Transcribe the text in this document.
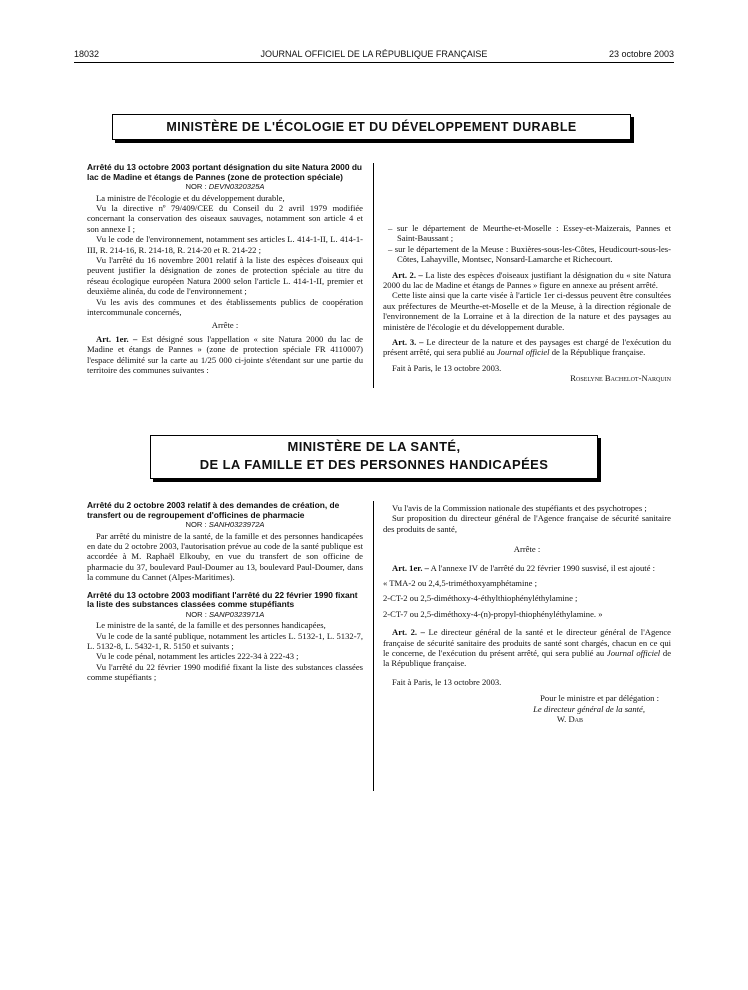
18032	JOURNAL OFFICIEL DE LA RÉPUBLIQUE FRANÇAISE	23 octobre 2003
MINISTÈRE DE L'ÉCOLOGIE ET DU DÉVELOPPEMENT DURABLE

Arrêté du 13 octobre 2003 portant désignation du site Natura 2000 du lac de Madine et étangs de Pannes (zone de protection spéciale)

NOR : DEVN0320325A

La ministre de l'écologie et du développement durable,

Vu la directive nº 79/409/CEE du Conseil du 2 avril 1979 modifiée concernant la conservation des oiseaux sauvages, notamment son article 4 et son annexe I ;

Vu le code de l'environnement, notamment ses articles L. 414-1-II, L. 414-1-III, R. 214-16, R. 214-18, R. 214-20 et R. 214-22 ;

Vu l'arrêté du 16 novembre 2001 relatif à la liste des espèces d'oiseaux qui peuvent justifier la désignation de zones de protection spéciale au titre du réseau écologique européen Natura 2000 selon l'article L. 414-1-II, premier et deuxième alinéa, du code de l'environnement ;

Vu les avis des communes et des établissements publics de coopération intercommunale concernés,

Arrête :

Art. 1er. – Est désigné sous l'appellation « site Natura 2000 du lac de Madine et étangs de Pannes » (zone de protection spéciale FR 4110007) l'espace délimité sur la carte au 1/25 000 ci-jointe s'étendant sur une partie du territoire des communes suivantes :

– sur le département de Meurthe-et-Moselle : Essey-et-Maizerais, Pannes et Saint-Baussant ;

– sur le département de la Meuse : Buxières-sous-les-Côtes, Heudicourt-sous-les-Côtes, Lahayville, Montsec, Nonsard-Lamarche et Richecourt.

Art. 2. – La liste des espèces d'oiseaux justifiant la désignation du « site Natura 2000 du lac de Madine et étangs de Pannes » figure en annexe au présent arrêté.

Cette liste ainsi que la carte visée à l'article 1er ci-dessus peuvent être consultées aux préfectures de Meurthe-et-Moselle et de la Meuse, à la direction régionale de l'environnement de la Lorraine et à la direction de la nature et des paysages au ministère de l'écologie et du développement durable.

Art. 3. – Le directeur de la nature et des paysages est chargé de l'exécution du présent arrêté, qui sera publié au Journal officiel de la République française.

Fait à Paris, le 13 octobre 2003.

Roselyne Bachelot-Narquin

MINISTÈRE DE LA SANTÉ,
DE LA FAMILLE ET DES PERSONNES HANDICAPÉES

Arrêté du 2 octobre 2003 relatif à des demandes de création, de transfert ou de regroupement d'officines de pharmacie

NOR : SANH0323972A

Par arrêté du ministre de la santé, de la famille et des personnes handicapées en date du 2 octobre 2003, l'autorisation prévue au code de la santé publique est accordée à M. Raphaël Elkouby, en vue du transfert de son officine de pharmacie du 37, boulevard Paul-Doumer au 13, boulevard Paul-Doumer, dans la commune du Cannet (Alpes-Maritimes).

Arrêté du 13 octobre 2003 modifiant l'arrêté du 22 février 1990 fixant la liste des substances classées comme stupéfiants

NOR : SANP0323971A

Le ministre de la santé, de la famille et des personnes handicapées,

Vu le code de la santé publique, notamment les articles L. 5132-1, L. 5132-7, L. 5132-8, L. 5432-1, R. 5150 et suivants ;

Vu le code pénal, notamment les articles 222-34 à 222-43 ;

Vu l'arrêté du 22 février 1990 modifié fixant la liste des substances classées comme stupéfiants ;

Vu l'avis de la Commission nationale des stupéfiants et des psychotropes ;

Sur proposition du directeur général de l'Agence française de sécurité sanitaire des produits de santé,

Arrête :

Art. 1er. – A l'annexe IV de l'arrêté du 22 février 1990 susvisé, il est ajouté :

« TMA-2 ou 2,4,5-triméthoxyamphétamine ;

2-CT-2 ou 2,5-diméthoxy-4-éthylthiophényléthylamine ;

2-CT-7 ou 2,5-diméthoxy-4-(n)-propyl-thiophényléthylamine. »

Art. 2. – Le directeur général de la santé et le directeur général de l'Agence française de sécurité sanitaire des produits de santé sont chargés, chacun en ce qui le concerne, de l'exécution du présent arrêté, qui sera publié au Journal officiel de la République française.

Fait à Paris, le 13 octobre 2003.

Pour le ministre et par délégation :

Le directeur général de la santé,

W. Dab
